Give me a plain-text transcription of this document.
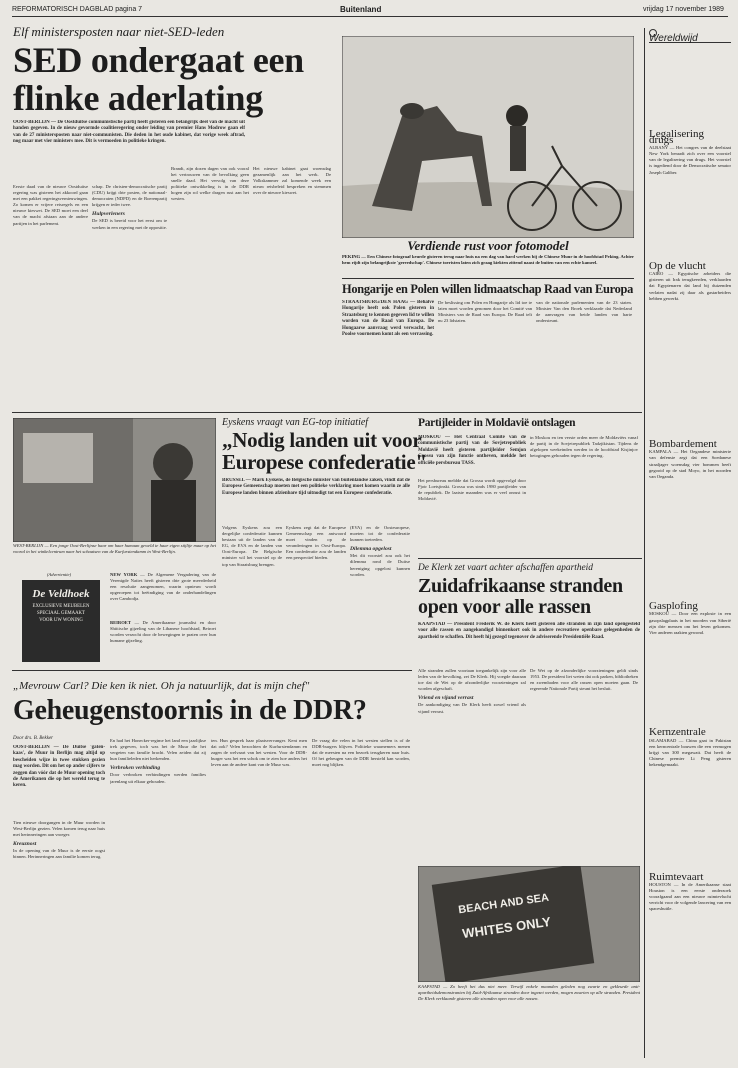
REFORMATORISCH DAGBLAD pagina 7	Buitenland	vrijdag 17 november 1989
Wereldwijd
Elf ministersposten naar niet-SED-leden
SED ondergaat een
flinke aderlating
OOST-BERLIJN — De Oostduitse communistische partij heeft gisteren een belangrijk deel van de macht uit handen gegeven. In de nieuw gevormde coalitieregering onder leiding van premier Hans Modrow gaan elf van de 27 ministersposten naar niet-communisten. Die deden in het oude kabinet, dat vorige week aftrad, nog maar met vier ministers mee. Dit is vermoeden in politieke kringen.
Eerste daad van de nieuwe Oostduitse regering was gisteren het akkoord gaan met een pakket regeringsvernieuwingen. Zo komen er vrijere reisregels en een nieuwe kieswet. De SED moet een deel van de macht afstaan aan de andere partijen in het parlement.
schap. De christen-democratische partij (CDU) krijgt drie posten, de nationaal-democraten (NDPD) en de Boerenpartij krijgen er ieder twee.
Hulpverleners
De SED is bereid voor het eerst om te werken in een regering met de oppositie.
Brandt, zijn dozen dagen van ook vooral het vertrouwen van de bevolking geen snelle daad. Het vervolg van deze politieke ontwikkeling is in de DDR hogen zijn rol welke dragen rust aan het westen.
Het nieuwe kabinet gaat woensdag gezamenlijk aan het werk. De Volkskammer zal komende week een nieuw reisbeleid bespreken en stemmen over de nieuwe kieswet.
Verdiende rust voor fotomodel
PEKING — Een Chinese fotograaf keurde gisteren terug naar huis na een dag van hard werken bij de Chinese Muur in de hoofdstad Peking. Achter hem rijdt zijn belangrijkste 'gereedschap'. Chinese toeristen laten zich graag kiekten zittend naast de buiten van een echte kameel.
Hongarije en Polen willen lidmaatschap Raad van Europa
STRAATSBURG/DEN HAAG — Behalve Hongarije heeft ook Polen gisteren in Straatsburg te kennen gegeven lid te willen worden van de Raad van Europa. De Hongaarse aanvraag werd verwacht, het Poolse voornemen komt als een verrassing.
De beslissing om Polen en Hongarije als lid toe te laten moet worden genomen door het Comité van Ministers van de Raad van Europa. De Raad telt nu 23 lidstaten.
van de nationale parlementen van de 23 staten. Minister Van den Broek verklaarde dat Nederland de aanvragen van beide landen van harte ondersteunt.
WEST-BERLIJN — Een jonge Oost-Berlijnse haar om haar humaan geweld te haar eigen stijltje maar op het vooral in het winkelcentrum naar het schaatsen van de Kurfurstendamm in West-Berlijn.
(Advertentie)
De Veldhoek
EXCLUSIEVE MEUBELEN
SPECIAAL GEMAAKT
VOOR UW WONING
NEW YORK — De Algemene Vergadering van de Verenigde Naties heeft gisteren drie grote meerderheid een resolutie aangenomen, waarin opnieuw wordt opgeroepen tot beëindiging van de onderhandelingen over Cambodja.
BEIROET — De Amerikaanse journalist en door Shiitische gijzeling van de Libanese hoofdstad, Beiroet worden verzocht door de bewegingen te praten over hun humane gijzeling.
Eyskens vraagt van EG-top initiatief
„Nodig landen uit voor
Europese confederatie"
BRUSSEL — Mark Eyskens, de Belgische minister van buitenlandse zaken, vindt dat de Europese Gemeenschap moeten met een politieke verklaring moet komen waarin ze alle Europese landen binnen afzienbare tijd uitnodigt tot een Europese confederatie.
Volgens Eyskens zou een dergelijke confederatie kunnen bestaan uit de landen van de EG, de EVA en de landen van Oost-Europa. De Belgische minister wil het voorstel op de top van Straatsburg brengen.
Eyskens zegt dat de Europese Gemeenschap een antwoord moet vinden op de veranderingen in Oost-Europa. Een confederatie zou de landen een perspectief bieden.
(EVA) en de Oosteuropese, moeten tot de confederatie kunnen toetreden.
Dilemma opgelost
Met dit voorstel zou ook het dilemma rond de Duitse hereniging opgelost kunnen worden.
Partijleider in Moldavië ontslagen
MOSKOU — Het Centraal Comité van de communistische partij van de Sovjetrepubliek Moldavië heeft gisteren partijleider Semjon Grossu van zijn functie ontheven, meldde het officiële persbureau TASS.
Het persbureau meldde dat Grossu wordt opgevolgd door Pjotr Loetsjinski. Grossu was sinds 1980 partijleider van de republiek. De laatste maanden was er veel onrust in Moldavië.
in Moskou en ten verste orden meer de Moldaviërs vanaf de partij in de Sovjetrepubliek Tadzjikistan. Tijdens de afgelopen weekeinden werden in de hoofdstad Kisjinjov betogingen gehouden tegen de regering.
De Klerk zet vaart achter afschaffen apartheid
Zuidafrikaanse stranden
open voor alle rassen
KAAPSTAD — President Frederik W. de Klerk heeft gisteren alle stranden in zijn land opengesteld voor alle rassen en aangekondigd binnenkort ook in andere recreatieve openbare gelegenheden de apartheid te schaffen. Dit heeft hij gezegd tegenover de adviserende Presidentiële Raad.
Alle stranden zullen voortaan toegankelijk zijn voor alle leden van de bevolking, zei De Klerk. Hij voegde daaraan toe dat de Wet op de afzonderlijke voorzieningen zal worden afgeschaft.
Vriend en vijand verrast
De aankondiging van De Klerk heeft zowel vriend als vijand verrast.
De Wet op de afzonderlijke voorzieningen geldt sinds 1953. De president liet weten dat ook parken, bibliotheken en zwembaden voor alle rassen open moeten gaan. De regerende Nationale Partij steunt het besluit.
BEACH AND SEA
WHITES ONLY
KAAPSTAD — Zo heeft het dus niet meer. Terwijl enkele maanden geleden nog zwarte en gekleurde anti-apartheidsdemonstranten bij Zuid-Afrikaanse stranden door ingezet werden, mogen zwarten op alle stranden. President De Klerk verklaarde gisteren alle stranden open voor alle rassen.
„Mevrouw Carl? Die ken ik niet. Oh ja natuurlijk, dat is mijn chef"
Geheugenstoornis in de DDR?
Door drs. B. Bekker
OOST-BERLIJN — De Duitse 'gaten-kaas', de Muur in Berlijn mag altijd op bescheiden wijze in twee stukken gezien mag worden. Dit om het op ander cijfers te zeggen dan vóór dat de Muur opening toch de Amerikanen die op het wereld terug te keren.
Tien nieuwe doorgangen in de Muur worden in West-Berlijn gezien. Velen komen terug naar huis met herinneringen aan vroeger.
Kreuznost
In de opening van de Muur is de eerste oogst binnen. Herinneringen aan familie komen terug.
En had het Honecker-regime het land een jaarlijkse trek gegeven, toch was het de Muur die het vergeten van familie bracht. Velen zeiden dat zij hun familieleden niet herkenden.
Verbroken verbinding
Door verbroken verbindingen werden families jarenlang uit elkaar gehouden.
ten. Hun gesprek haar plaatsvervanger. Kent men dat ook? Velen bezochten de Kurfurstendamm en zagen de welvaart van het westen. Voor de DDR-burger was het een schok om te zien hoe anders het leven aan de andere kant van de Muur was.
De vraag die velen in het westen stellen is of de DDR-burgers blijven. Politieke waarnemers menen dat de meesten na een bezoek terugkeren naar huis. Of het geheugen van de DDR hersteld kan worden, moet nog blijken.
Legalisering drugs
ALBANY — Het congres van de deelstaat New York beraadt zich over een voorstel van de legalisering van drugs. Het voorstel is ingediend door de Democratische senator Joseph Galiber.
Op de vlucht
CAIRO — Egyptische arbeiders die gisteren uit Irak terugkeerden, verklaarden dat Egyptenaren dat land bij duizenden verlaten nadat zij daar als gastarbeiders hebben gewerkt.
Bombardement
KAMPALA — Het Oegandese ministerie van defensie zegt dat een Soedanese straaljager woensdag vier bommen heeft gegooid op de stad Moyo, in het noorden van Oeganda.
Gasplofing
MOSKOU — Door een explosie in een gasopslagplaats in het noorden van Siberië zijn drie mensen om het leven gekomen. Vier anderen raakten gewond.
Kernzentrale
ISLAMABAD — China gaat in Pakistan een kerncentrale bouwen die een vermogen krijgt van 300 megawatt. Dat heeft de Chinese premier Li Peng gisteren bekendgemaakt.
Ruimtevaart
HOUSTON — In de Amerikaanse staat Houston is een eerste onderzoek voorafgaand aan een nieuwe ruimtevlucht verricht voor de volgende lancering van een spaceshuttle.
